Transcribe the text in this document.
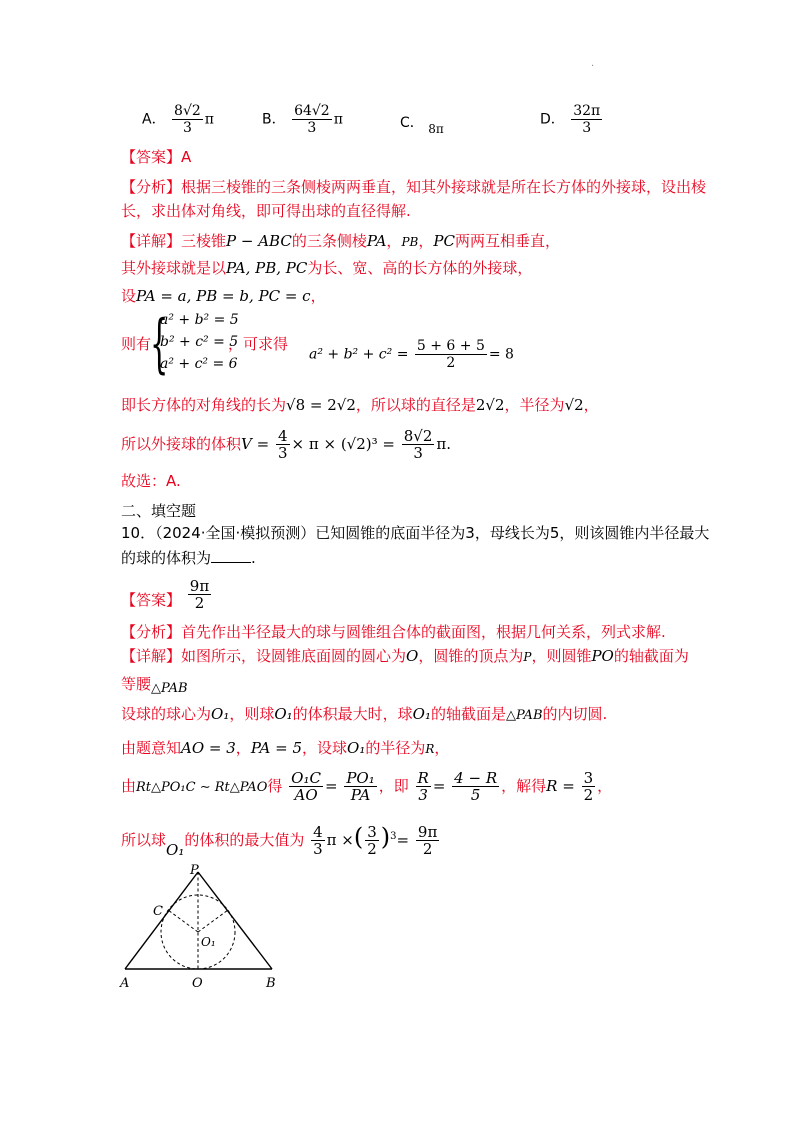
.
A． $\frac{8√2}{3}$ π	B． $\frac{64√2}{3}$ π	C． 8π
D． $\frac{32\pi}{3}$
【答案】A
【分析】根据三棱锥的三条侧棱两两垂直，知其外接球就是所在长方体的外接球，设出棱
长，求出体对角线，即可得出球的直径得解.
【详解】三棱锥P − ABC的三条侧棱PA，PB，PC两两互相垂直，
其外接球就是以PA, PB, PC为长、宽、高的长方体的外接球，
设PA = a, PB = b, PC = c，
则有
{
a² + b² = 5
b² + c² = 5
a² + c² = 6
，可求得
$a^2 + b^2 + c^2 = \frac{5 + 6 + 5}{2} = 8$
即长方体的对角线的长为√8 = 2√2，所以球的直径是2√2，半径为√2，
所以外接球的体积$V = \frac{4}{3} \times \pi \times (√2)^3 = \frac{8√2}{3} \pi$.
故选：A.
二、填空题
10．（2024·全国·模拟预测）已知圆锥的底面半径为3，母线长为5，则该圆锥内半径最大
的球的体积为	.
【答案】 $\frac{9\pi}{2}$
【分析】首先作出半径最大的球与圆锥组合体的截面图，根据几何关系，列式求解.
【详解】如图所示，设圆锥底面圆的圆心为O，圆锥的顶点为P，则圆锥PO的轴截面为
等腰△PAB
设球的球心为O₁，则球O₁的体积最大时，球O₁的轴截面是△PAB的内切圆.
由题意知AO = 3，PA = 5，设球O₁的半径为R，
由Rt△PO₁C ∼ Rt△PAO得 $\frac{\text{O₁C}}{AO} = \frac{\text{PO₁}}{PA}$ ，即 $\frac{R}{3} = \frac{4 - R}{5}$ ，解得$R = \frac{3}{2}$ ，
所以球O₁的体积的最大值为 $\frac{4}{3}$ π ×( $\frac{3}{2} )^3= \frac{9\pi}{2}$
P
C
O₁
A	O	B
